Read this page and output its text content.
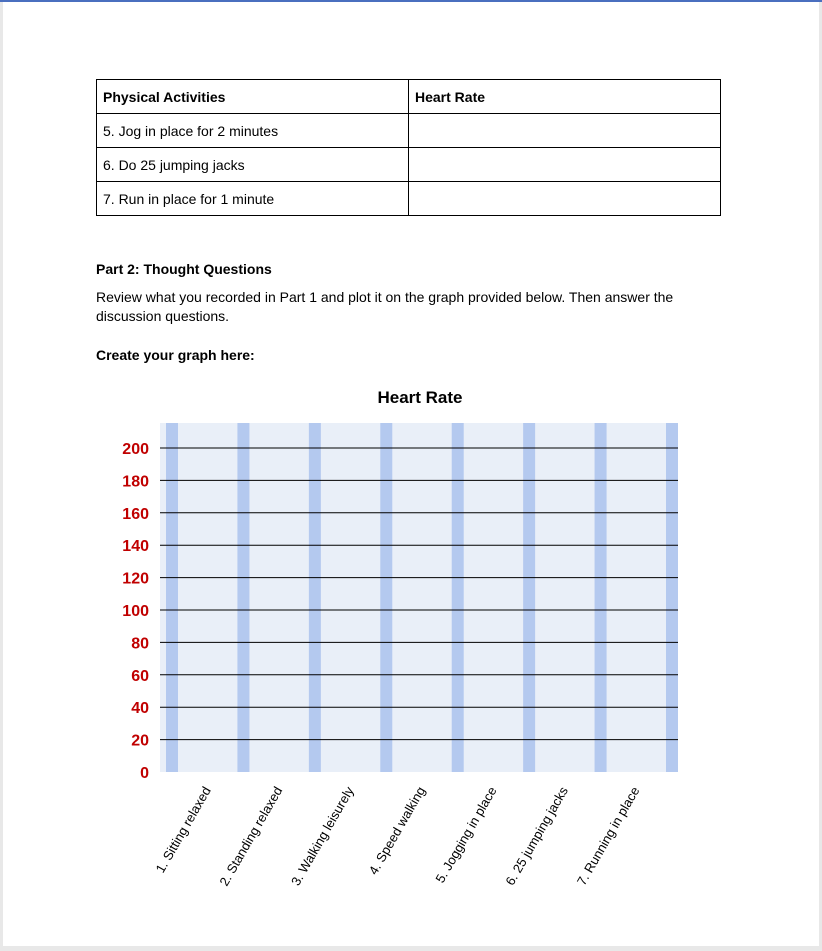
Physical Activities	Heart Rate
5. Jog in place for 2 minutes	
6. Do 25 jumping jacks	
7. Run in place for 1 minute	
Part 2: Thought Questions
Review what you recorded in Part 1 and plot it on the graph provided below. Then answer the discussion questions.
Create your graph here:
Heart Rate
0
20
40
60
80
100
120
140
160
180
200
1. Sitting relaxed 2. Standing relaxed 3. Walking leisurely 4. Speed walking 5. Jogging in place 6. 25 jumping jacks 7. Running in place
